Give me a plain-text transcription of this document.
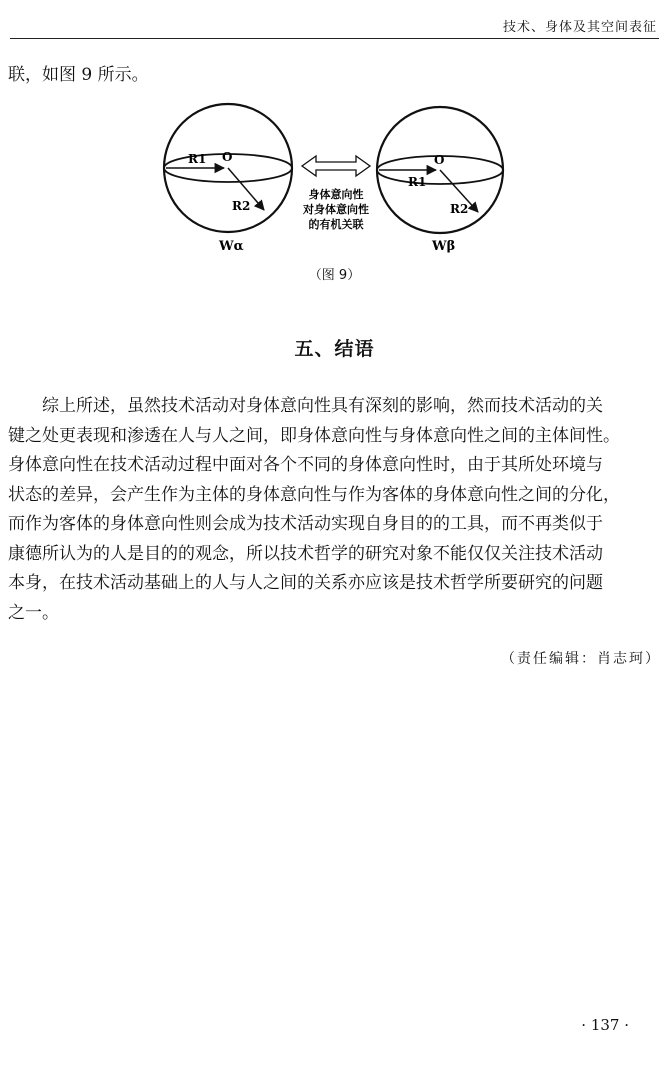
技术、身体及其空间表征
联，如图 9 所示。
R1 O
R2
Wα
R1
O
R2
Wβ
身体意向性
对身体意向性
的有机关联
（图 9）
五、结语
　　综上所述，虽然技术活动对身体意向性具有深刻的影响，然而技术活动的关
键之处更表现和渗透在人与人之间，即身体意向性与身体意向性之间的主体间性。
身体意向性在技术活动过程中面对各个不同的身体意向性时，由于其所处环境与
状态的差异，会产生作为主体的身体意向性与作为客体的身体意向性之间的分化，
而作为客体的身体意向性则会成为技术活动实现自身目的的工具，而不再类似于
康德所认为的人是目的的观念，所以技术哲学的研究对象不能仅仅关注技术活动
本身，在技术活动基础上的人与人之间的关系亦应该是技术哲学所要研究的问题
之一。
（责任编辑：肖志珂）
· 137 ·
